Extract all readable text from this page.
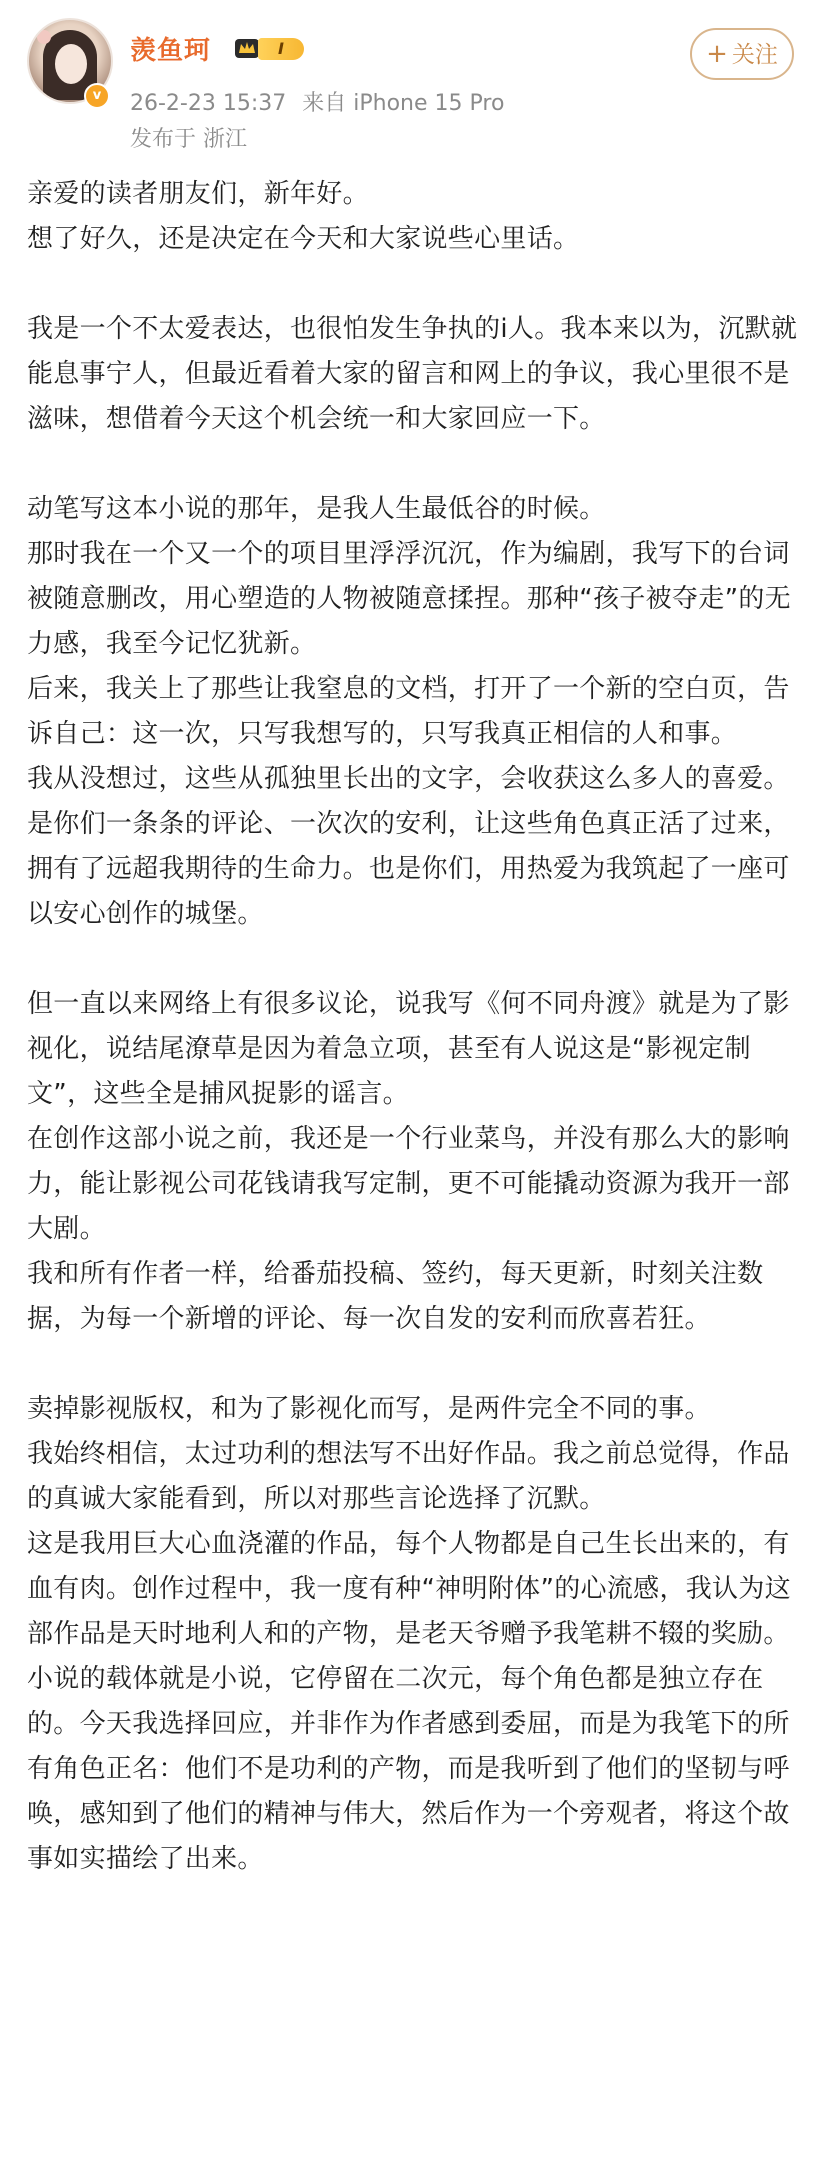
v
羡鱼珂	I
26-2-23 15:37 来自 iPhone 15 Pro
发布于 浙江
+ 关注

亲爱的读者朋友们，新年好。
想了好久，还是决定在今天和大家说些心里话。

我是一个不太爱表达，也很怕发生争执的i人。我本来以为，沉默就能息事宁人，但最近看着大家的留言和网上的争议，我心里很不是滋味，想借着今天这个机会统一和大家回应一下。

动笔写这本小说的那年，是我人生最低谷的时候。
那时我在一个又一个的项目里浮浮沉沉，作为编剧，我写下的台词被随意删改，用心塑造的人物被随意揉捏。那种“孩子被夺走”的无力感，我至今记忆犹新。
后来，我关上了那些让我窒息的文档，打开了一个新的空白页，告诉自己：这一次，只写我想写的，只写我真正相信的人和事。
我从没想过，这些从孤独里长出的文字，会收获这么多人的喜爱。
是你们一条条的评论、一次次的安利，让这些角色真正活了过来，拥有了远超我期待的生命力。也是你们，用热爱为我筑起了一座可以安心创作的城堡。

但一直以来网络上有很多议论，说我写《何不同舟渡》就是为了影视化，说结尾潦草是因为着急立项，甚至有人说这是“影视定制文”，这些全是捕风捉影的谣言。
在创作这部小说之前，我还是一个行业菜鸟，并没有那么大的影响力，能让影视公司花钱请我写定制，更不可能撬动资源为我开一部大剧。
我和所有作者一样，给番茄投稿、签约，每天更新，时刻关注数据，为每一个新增的评论、每一次自发的安利而欣喜若狂。

卖掉影视版权，和为了影视化而写，是两件完全不同的事。
我始终相信，太过功利的想法写不出好作品。我之前总觉得，作品的真诚大家能看到，所以对那些言论选择了沉默。
这是我用巨大心血浇灌的作品，每个人物都是自己生长出来的，有血有肉。创作过程中，我一度有种“神明附体”的心流感，我认为这部作品是天时地利人和的产物，是老天爷赠予我笔耕不辍的奖励。
小说的载体就是小说，它停留在二次元，每个角色都是独立存在的。今天我选择回应，并非作为作者感到委屈，而是为我笔下的所有角色正名：他们不是功利的产物，而是我听到了他们的坚韧与呼唤，感知到了他们的精神与伟大，然后作为一个旁观者，将这个故事如实描绘了出来。
